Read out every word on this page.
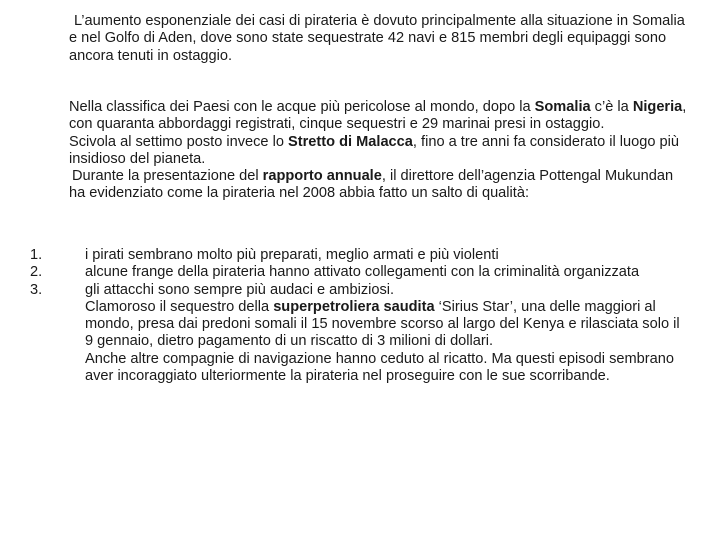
L’aumento esponenziale dei casi di pirateria è dovuto principalmente alla situazione in Somalia e nel Golfo di Aden, dove sono state sequestrate 42 navi e 815 membri degli equipaggi sono ancora tenuti in ostaggio.

Nella classifica dei Paesi con le acque più pericolose al mondo, dopo la Somalia c’è la Nigeria, con quaranta abbordaggi registrati, cinque sequestri e 29 marinai presi in ostaggio.

Scivola al settimo posto invece lo Stretto di Malacca, fino a tre anni fa considerato il luogo più insidioso del pianeta.

Durante la presentazione del rapporto annuale, il direttore dell’agenzia Pottengal Mukundan ha evidenziato come la pirateria nel 2008 abbia fatto un salto di qualità:

1.	i pirati sembrano molto più preparati, meglio armati e più violenti
2.	alcune frange della pirateria hanno attivato collegamenti con la criminalità organizzata
3.	gli attacchi sono sempre più audaci e ambiziosi.
Clamoroso il sequestro della superpetroliera saudita ‘Sirius Star’, una delle maggiori al mondo, presa dai predoni somali il 15 novembre scorso al largo del Kenya e rilasciata solo il 9 gennaio, dietro pagamento di un riscatto di 3 milioni di dollari.
Anche altre compagnie di navigazione hanno ceduto al ricatto. Ma questi episodi sembrano aver incoraggiato ulteriormente la pirateria nel proseguire con le sue scorribande.
